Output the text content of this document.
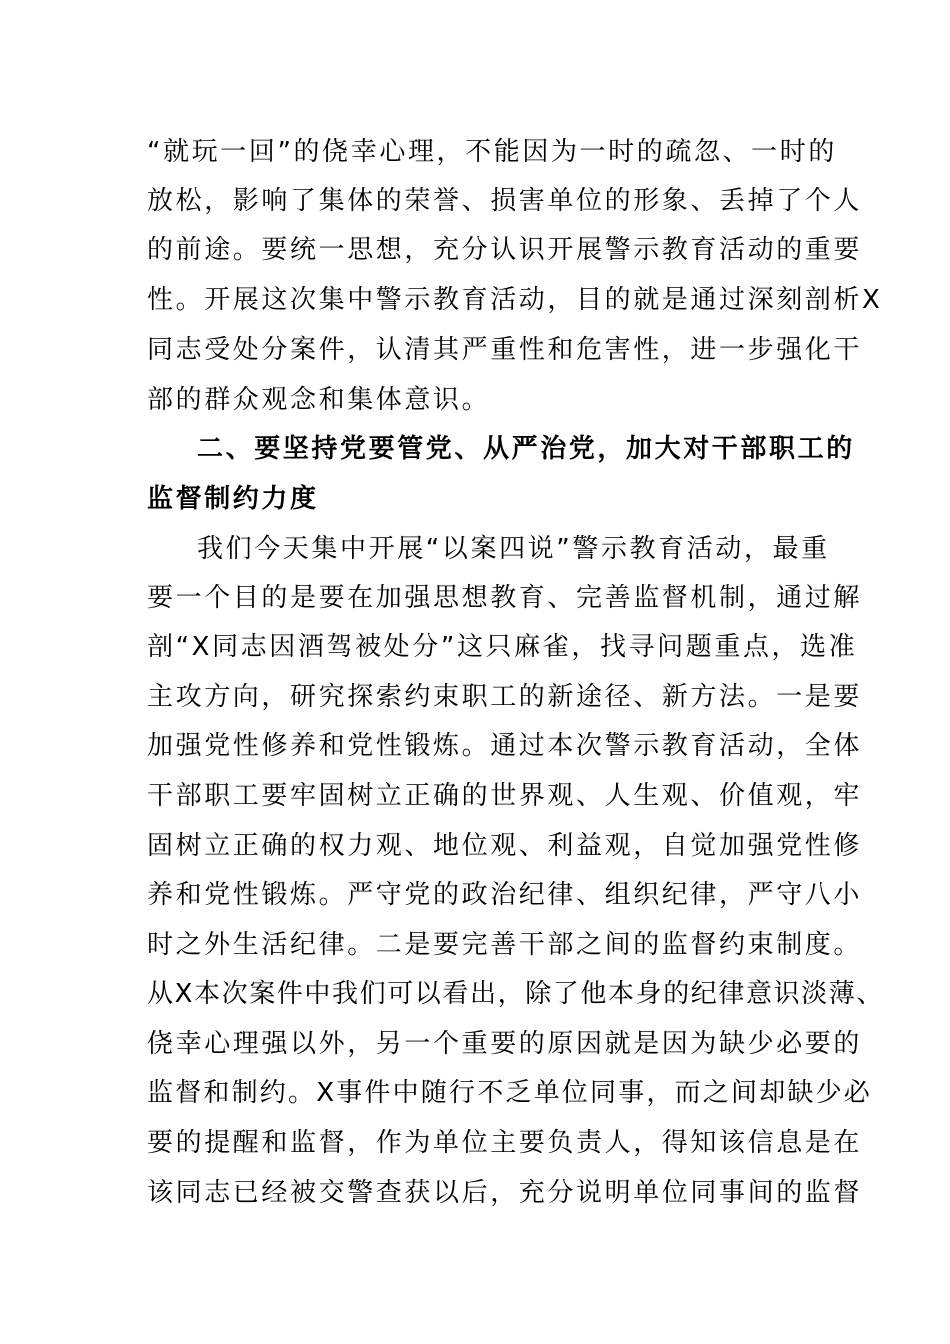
“就玩一回”的侥幸心理，不能因为一时的疏忽、一时的
放松，影响了集体的荣誉、损害单位的形象、丢掉了个人
的前途。要统一思想，充分认识开展警示教育活动的重要
性。开展这次集中警示教育活动，目的就是通过深刻剖析X
同志受处分案件，认清其严重性和危害性，进一步强化干
部的群众观念和集体意识。
二、要坚持党要管党、从严治党，加大对干部职工的
监督制约力度
我们今天集中开展“以案四说”警示教育活动，最重
要一个目的是要在加强思想教育、完善监督机制，通过解
剖“X同志因酒驾被处分”这只麻雀，找寻问题重点，选准
主攻方向，研究探索约束职工的新途径、新方法。一是要
加强党性修养和党性锻炼。通过本次警示教育活动，全体
干部职工要牢固树立正确的世界观、人生观、价值观，牢
固树立正确的权力观、地位观、利益观，自觉加强党性修
养和党性锻炼。严守党的政治纪律、组织纪律，严守八小
时之外生活纪律。二是要完善干部之间的监督约束制度。
从X本次案件中我们可以看出，除了他本身的纪律意识淡薄、
侥幸心理强以外，另一个重要的原因就是因为缺少必要的
监督和制约。X事件中随行不乏单位同事，而之间却缺少必
要的提醒和监督，作为单位主要负责人，得知该信息是在
该同志已经被交警查获以后，充分说明单位同事间的监督
